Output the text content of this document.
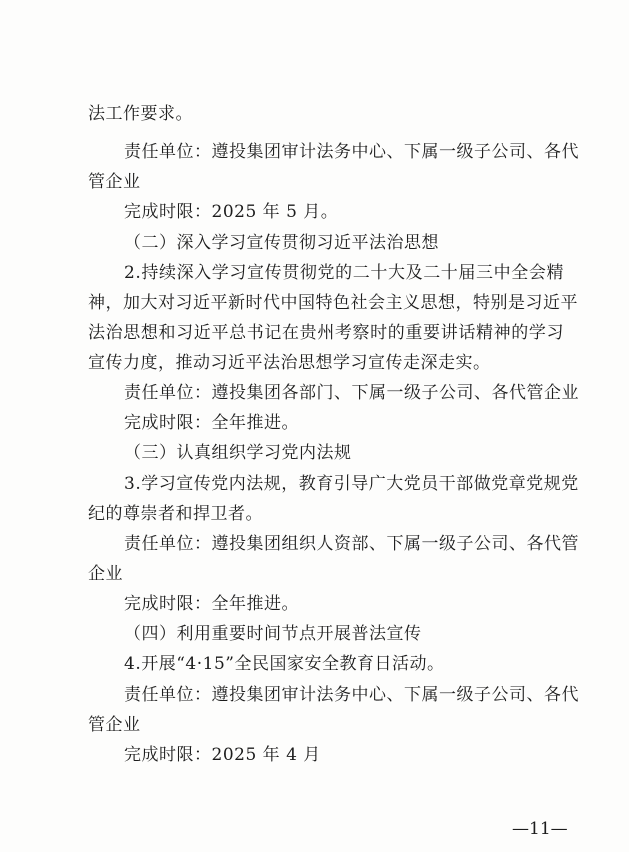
法工作要求。
责任单位：遵投集团审计法务中心、下属一级子公司、各代
管企业
完成时限：2025 年 5 月。
（二）深入学习宣传贯彻习近平法治思想
2.持续深入学习宣传贯彻党的二十大及二十届三中全会精
神，加大对习近平新时代中国特色社会主义思想，特别是习近平
法治思想和习近平总书记在贵州考察时的重要讲话精神的学习
宣传力度，推动习近平法治思想学习宣传走深走实。
责任单位：遵投集团各部门、下属一级子公司、各代管企业
完成时限：全年推进。
（三）认真组织学习党内法规
3.学习宣传党内法规，教育引导广大党员干部做党章党规党
纪的尊崇者和捍卫者。
责任单位：遵投集团组织人资部、下属一级子公司、各代管
企业
完成时限：全年推进。
（四）利用重要时间节点开展普法宣传
4.开展“4·15”全民国家安全教育日活动。
责任单位：遵投集团审计法务中心、下属一级子公司、各代
管企业
完成时限：2025 年 4 月
—11—
